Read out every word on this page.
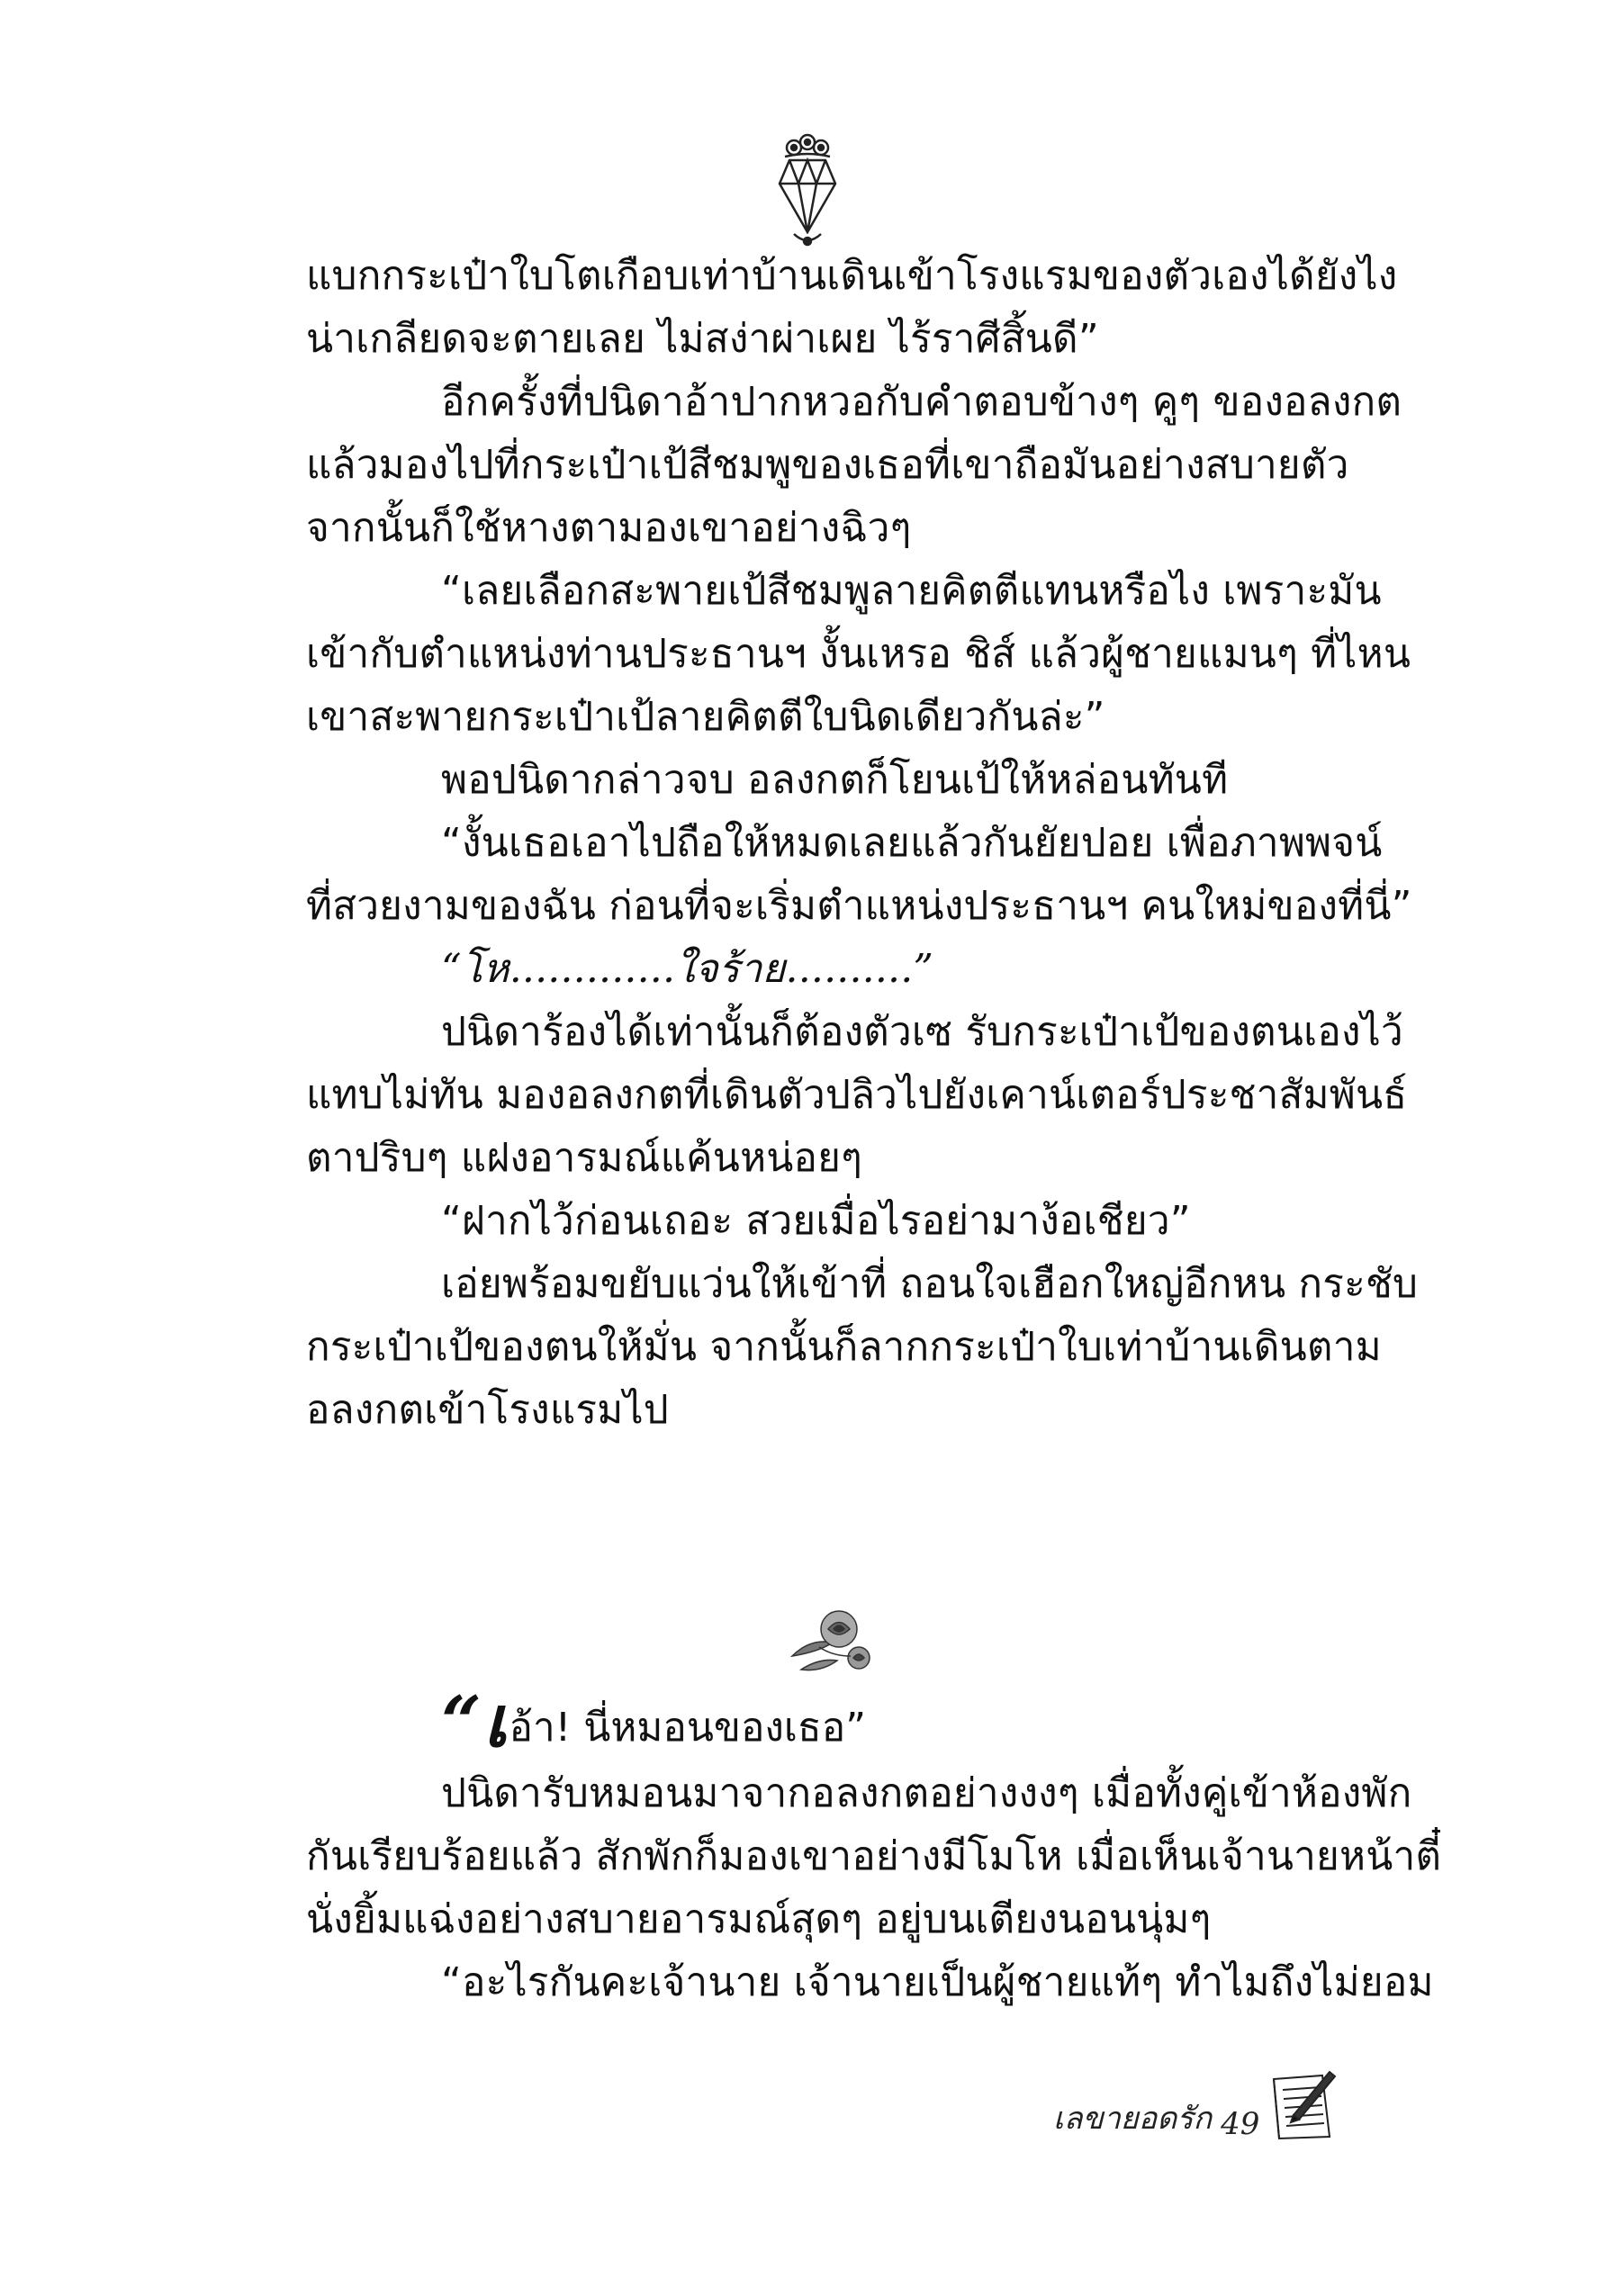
แบกกระเป๋าใบโตเกือบเท่าบ้านเดินเข้าโรงแรมของตัวเองได้ยังไง
น่าเกลียดจะตายเลย ไม่สง่าผ่าเผย ไร้ราศีสิ้นดี”
อีกครั้งที่ปนิดาอ้าปากหวอกับคำตอบข้างๆ คูๆ ของอลงกต
แล้วมองไปที่กระเป๋าเป้สีชมพูของเธอที่เขาถือมันอย่างสบายตัว
จากนั้นก็ใช้หางตามองเขาอย่างฉิวๆ
“เลยเลือกสะพายเป้สีชมพูลายคิตตีแทนหรือไง เพราะมัน
เข้ากับตำแหน่งท่านประธานฯ งั้นเหรอ ชิส์ แล้วผู้ชายแมนๆ ที่ไหน
เขาสะพายกระเป๋าเป้ลายคิตตีใบนิดเดียวกันล่ะ”
พอปนิดากล่าวจบ อลงกตก็โยนเป้ให้หล่อนทันที
“งั้นเธอเอาไปถือให้หมดเลยแล้วกันยัยปอย เพื่อภาพพจน์
ที่สวยงามของฉัน ก่อนที่จะเริ่มตำแหน่งประธานฯ คนใหม่ของที่นี่”
“โห.............ใจร้าย..........”
ปนิดาร้องได้เท่านั้นก็ต้องตัวเซ รับกระเป๋าเป้ของตนเองไว้
แทบไม่ทัน มองอลงกตที่เดินตัวปลิวไปยังเคาน์เตอร์ประชาสัมพันธ์
ตาปริบๆ แฝงอารมณ์แค้นหน่อยๆ
“ฝากไว้ก่อนเถอะ สวยเมื่อไรอย่ามาง้อเชียว”
เอ่ยพร้อมขยับแว่นให้เข้าที่ ถอนใจเฮือกใหญ่อีกหน กระชับ
กระเป๋าเป้ของตนให้มั่น จากนั้นก็ลากกระเป๋าใบเท่าบ้านเดินตาม
อลงกตเข้าโรงแรมไป
“เอ้า! นี่หมอนของเธอ”
ปนิดารับหมอนมาจากอลงกตอย่างงงๆ เมื่อทั้งคู่เข้าห้องพัก
กันเรียบร้อยแล้ว สักพักก็มองเขาอย่างมีโมโห เมื่อเห็นเจ้านายหน้าตี๋
นั่งยิ้มแฉ่งอย่างสบายอารมณ์สุดๆ อยู่บนเตียงนอนนุ่มๆ
“อะไรกันคะเจ้านาย เจ้านายเป็นผู้ชายแท้ๆ ทำไมถึงไม่ยอม
เลขายอดรัก 49
